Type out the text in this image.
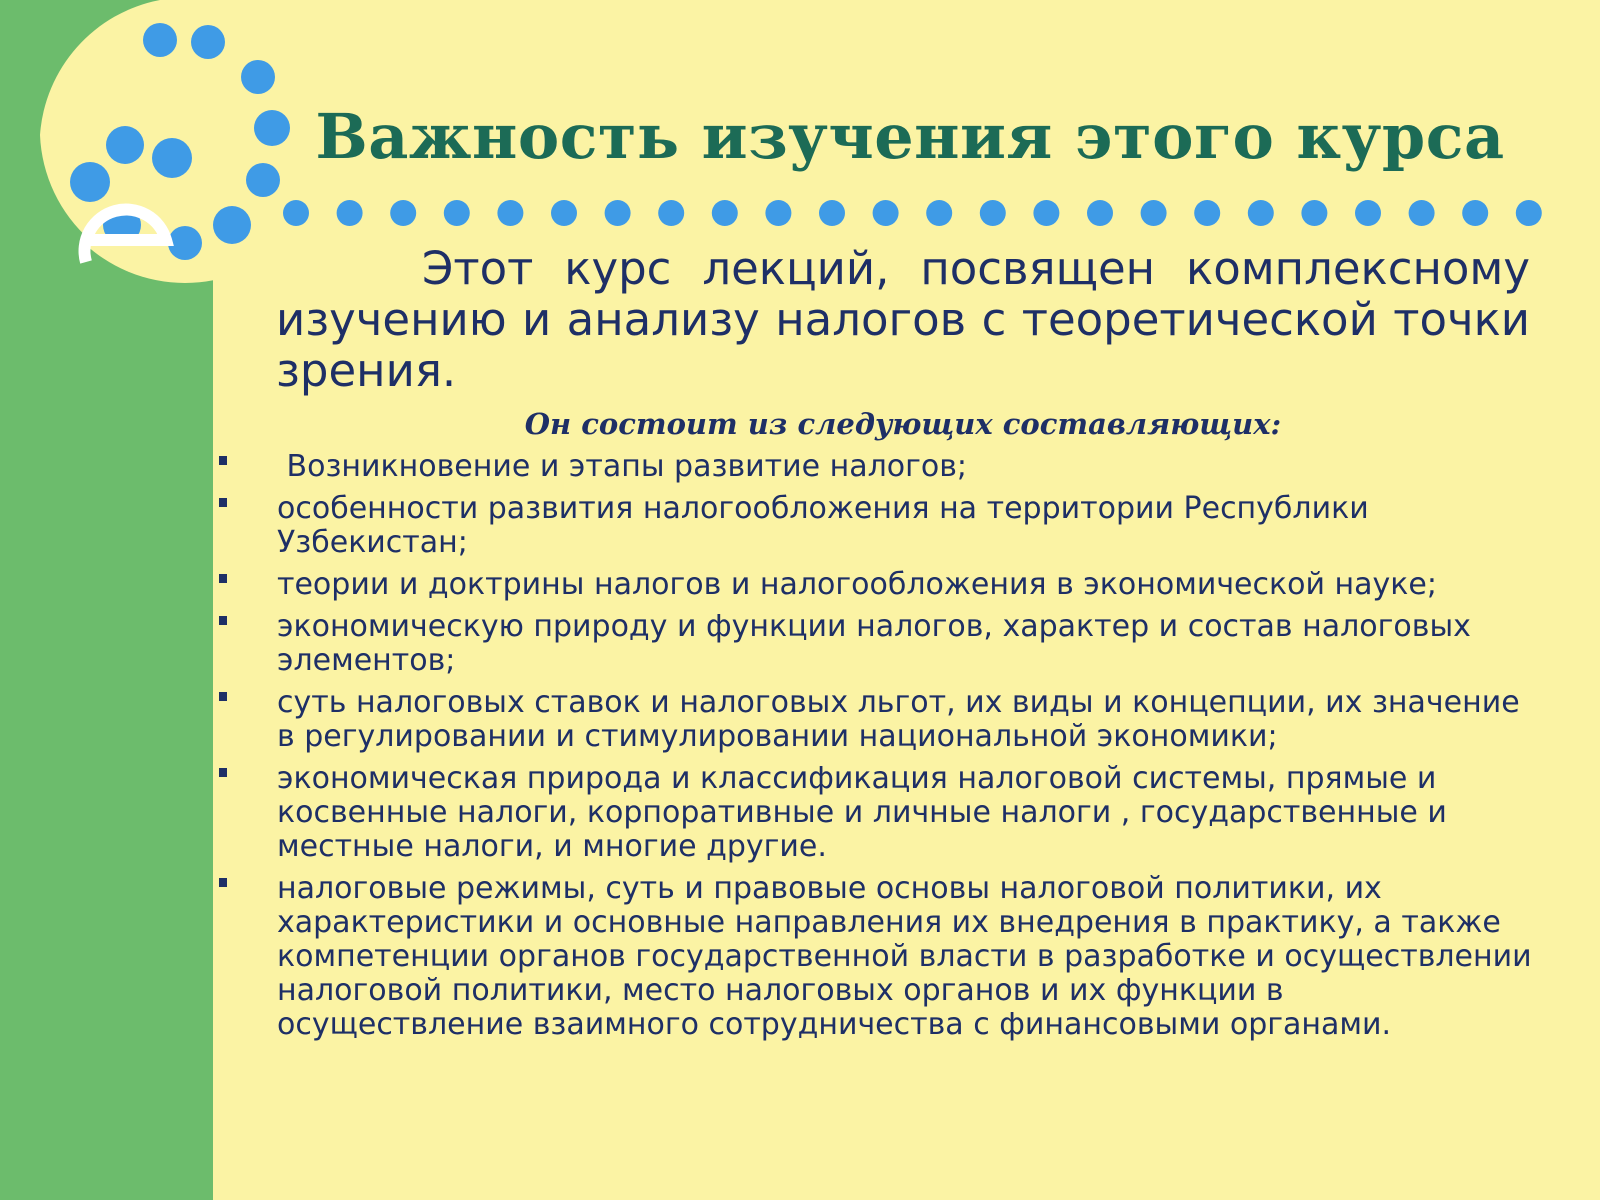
Важность изучения этого курса

Этот курс лекций, посвящен комплексному изучению и анализу налогов с теоретической точки зрения.

Он состоит из следующих составляющих:

Возникновение и этапы развитие налогов;
особенности развития налогообложения на территории Республики Узбекистан;
теории и доктрины налогов и налогообложения в экономической науке;
экономическую природу и функции налогов, характер и состав налоговых элементов;
суть налоговых ставок и налоговых льгот, их виды и концепции, их значение в регулировании и стимулировании национальной экономики;
экономическая природа и классификация налоговой системы, прямые и косвенные налоги, корпоративные и личные налоги , государственные и местные налоги, и многие другие.
налоговые режимы, суть и правовые основы налоговой политики, их характеристики и основные направления их внедрения в практику, а также компетенции органов государственной власти в разработке и осуществлении налоговой политики, место налоговых органов и их функции в осуществление взаимного сотрудничества с финансовыми органами.
